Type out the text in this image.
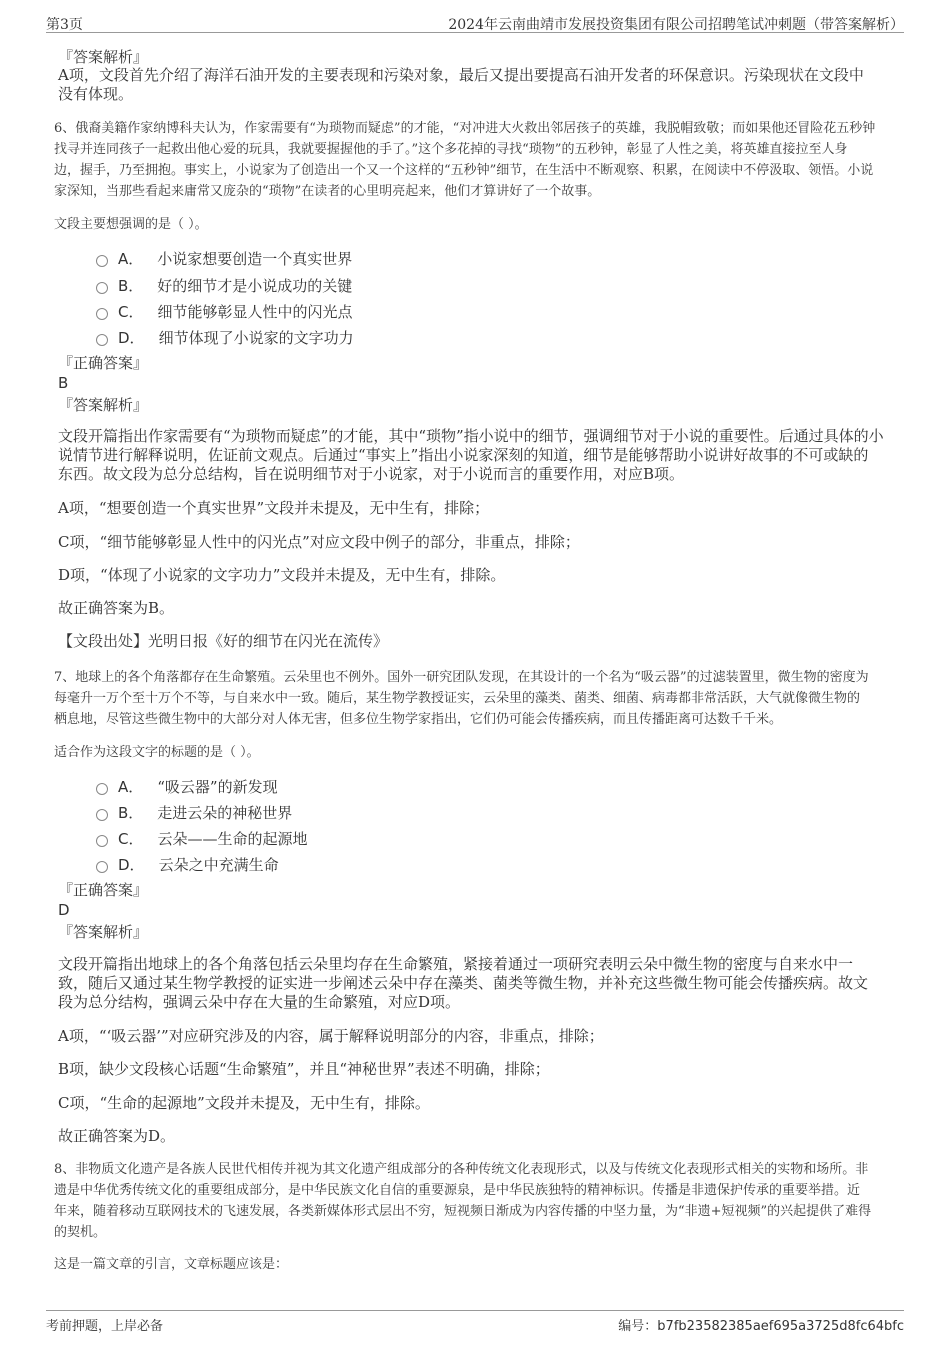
第3页	2024年云南曲靖市发展投资集团有限公司招聘笔试冲刺题（带答案解析）
『答案解析』
A项，文段首先介绍了海洋石油开发的主要表现和污染对象，最后又提出要提高石油开发者的环保意识。污染现状在文段中
没有体现。
6、俄裔美籍作家纳博科夫认为，作家需要有“为琐物而疑虑”的才能，“对冲进大火救出邻居孩子的英雄，我脱帽致敬；而如果他还冒险花五秒钟
找寻并连同孩子一起救出他心爱的玩具，我就要握握他的手了。”这个多花掉的寻找“琐物”的五秒钟，彰显了人性之美，将英雄直接拉至人身
边，握手，乃至拥抱。事实上，小说家为了创造出一个又一个这样的“五秒钟”细节，在生活中不断观察、积累，在阅读中不停汲取、领悟。小说
家深知，当那些看起来庸常又庞杂的“琐物”在读者的心里明亮起来，他们才算讲好了一个故事。
文段主要想强调的是（ ）。
A． 小说家想要创造一个真实世界
B． 好的细节才是小说成功的关键
C． 细节能够彰显人性中的闪光点
D． 细节体现了小说家的文字功力
『正确答案』
B
『答案解析』
文段开篇指出作家需要有“为琐物而疑虑”的才能，其中“琐物”指小说中的细节，强调细节对于小说的重要性。后通过具体的小
说情节进行解释说明，佐证前文观点。后通过“事实上”指出小说家深刻的知道，细节是能够帮助小说讲好故事的不可或缺的
东西。故文段为总分总结构，旨在说明细节对于小说家，对于小说而言的重要作用，对应B项。
A项，“想要创造一个真实世界”文段并未提及，无中生有，排除；
C项，“细节能够彰显人性中的闪光点”对应文段中例子的部分，非重点，排除；
D项，“体现了小说家的文字功力”文段并未提及，无中生有，排除。
故正确答案为B。
【文段出处】光明日报《好的细节在闪光在流传》
7、地球上的各个角落都存在生命繁殖。云朵里也不例外。国外一研究团队发现，在其设计的一个名为“吸云器”的过滤装置里，微生物的密度为
每毫升一万个至十万个不等，与自来水中一致。随后，某生物学教授证实，云朵里的藻类、菌类、细菌、病毒都非常活跃，大气就像微生物的
栖息地，尽管这些微生物中的大部分对人体无害，但多位生物学家指出，它们仍可能会传播疾病，而且传播距离可达数千千米。
适合作为这段文字的标题的是（ ）。
A． “吸云器”的新发现
B． 走进云朵的神秘世界
C． 云朵——生命的起源地
D． 云朵之中充满生命
『正确答案』
D
『答案解析』
文段开篇指出地球上的各个角落包括云朵里均存在生命繁殖，紧接着通过一项研究表明云朵中微生物的密度与自来水中一
致，随后又通过某生物学教授的证实进一步阐述云朵中存在藻类、菌类等微生物，并补充这些微生物可能会传播疾病。故文
段为总分结构，强调云朵中存在大量的生命繁殖，对应D项。
A项，“‘吸云器’”对应研究涉及的内容，属于解释说明部分的内容，非重点，排除；
B项，缺少文段核心话题“生命繁殖”，并且“神秘世界”表述不明确，排除；
C项，“生命的起源地”文段并未提及，无中生有，排除。
故正确答案为D。
8、非物质文化遗产是各族人民世代相传并视为其文化遗产组成部分的各种传统文化表现形式，以及与传统文化表现形式相关的实物和场所。非
遗是中华优秀传统文化的重要组成部分，是中华民族文化自信的重要源泉，是中华民族独特的精神标识。传播是非遗保护传承的重要举措。近
年来，随着移动互联网技术的飞速发展，各类新媒体形式层出不穷，短视频日渐成为内容传播的中坚力量，为“非遗+短视频”的兴起提供了难得
的契机。
这是一篇文章的引言，文章标题应该是：
考前押题，上岸必备	编号：b7fb23582385aef695a3725d8fc64bfc
